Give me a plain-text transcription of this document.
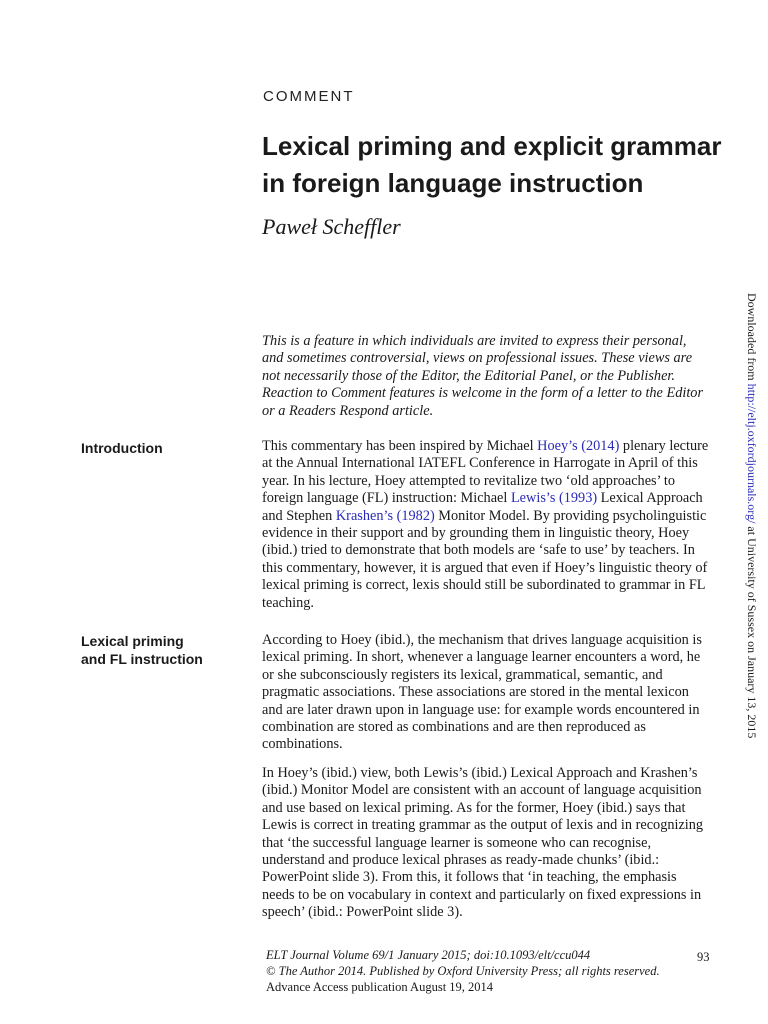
COMMENT
Lexical priming and explicit grammar
in foreign language instruction
Paweł Scheffler

This is a feature in which individuals are invited to express their personal, and sometimes controversial, views on professional issues. These views are not necessarily those of the Editor, the Editorial Panel, or the Publisher. Reaction to Comment features is welcome in the form of a letter to the Editor or a Readers Respond article.

Introduction	This commentary has been inspired by Michael Hoey’s (2014) plenary lecture at the Annual International IATEFL Conference in Harrogate in April of this year. In his lecture, Hoey attempted to revitalize two ‘old approaches’ to foreign language (FL) instruction: Michael Lewis’s (1993) Lexical Approach and Stephen Krashen’s (1982) Monitor Model. By providing psycholinguistic evidence in their support and by grounding them in linguistic theory, Hoey (ibid.) tried to demonstrate that both models are ‘safe to use’ by teachers. In this commentary, however, it is argued that even if Hoey’s linguistic theory of lexical priming is correct, lexis should still be subordinated to grammar in FL teaching.

Lexical priming
and FL instruction

According to Hoey (ibid.), the mechanism that drives language acquisition is lexical priming. In short, whenever a language learner encounters a word, he or she subconsciously registers its lexical, grammatical, semantic, and pragmatic associations. These associations are stored in the mental lexicon and are later drawn upon in language use: for example words encountered in combination are stored as combinations and are then reproduced as combinations.

In Hoey’s (ibid.) view, both Lewis’s (ibid.) Lexical Approach and Krashen’s (ibid.) Monitor Model are consistent with an account of language acquisition and use based on lexical priming. As for the former, Hoey (ibid.) says that Lewis is correct in treating grammar as the output of lexis and in recognizing that ‘the successful language learner is someone who can recognise, understand and produce lexical phrases as ready-made chunks’ (ibid.: PowerPoint slide 3). From this, it follows that ‘in teaching, the emphasis needs to be on vocabulary in context and particularly on fixed expressions in speech’ (ibid.: PowerPoint slide 3).

ELT Journal Volume 69/1 January 2015; doi:10.1093/elt/ccu044
© The Author 2014. Published by Oxford University Press; all rights reserved.
Advance Access publication August 19, 2014
93
Downloaded from http://eltj.oxfordjournals.org/ at University of Sussex on January 13, 2015
